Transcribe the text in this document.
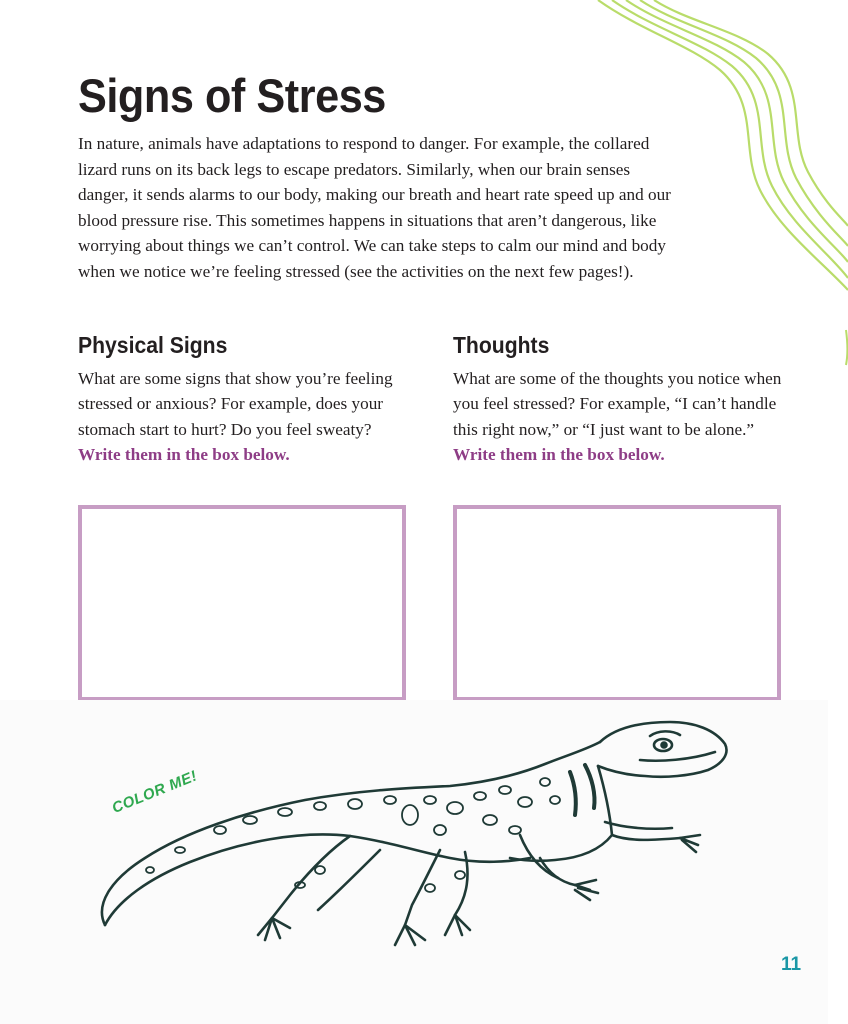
Signs of Stress

In nature, animals have adaptations to respond to danger. For example, the collared lizard runs on its back legs to escape predators. Similarly, when our brain senses danger, it sends alarms to our body, making our breath and heart rate speed up and our blood pressure rise. This sometimes happens in situations that aren’t dangerous, like worrying about things we can’t control. We can take steps to calm our mind and body when we notice we’re feeling stressed (see the activities on the next few pages!).

Physical Signs

What are some signs that show you’re feeling stressed or anxious? For example, does your stomach start to hurt? Do you feel sweaty? Write them in the box below.

Thoughts

What are some of the thoughts you notice when you feel stressed? For example, “I can’t handle this right now,” or “I just want to be alone.” Write them in the box below.

COLOR ME!
11
